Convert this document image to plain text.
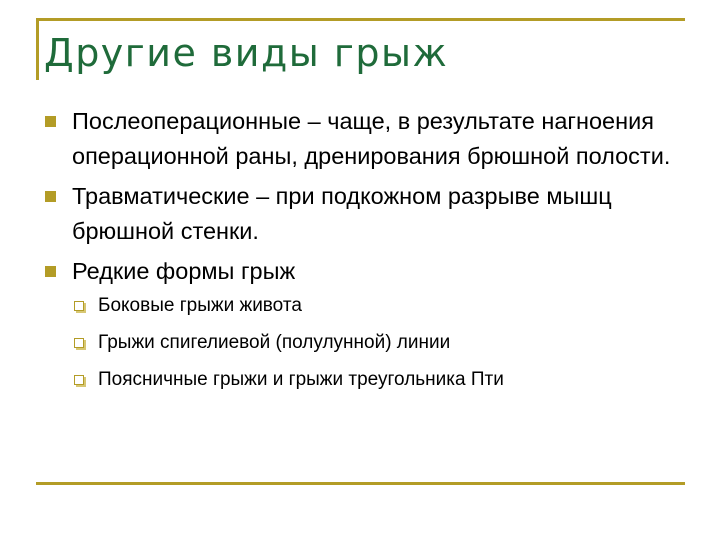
Другие виды грыж
Послеоперационные – чаще, в результате нагноения операционной раны, дренирования брюшной полости.
Травматические – при подкожном разрыве мышц брюшной стенки.
Редкие формы грыж
Боковые грыжи живота
Грыжи спигелиевой (полулунной) линии
Поясничные грыжи и грыжи треугольника Пти
